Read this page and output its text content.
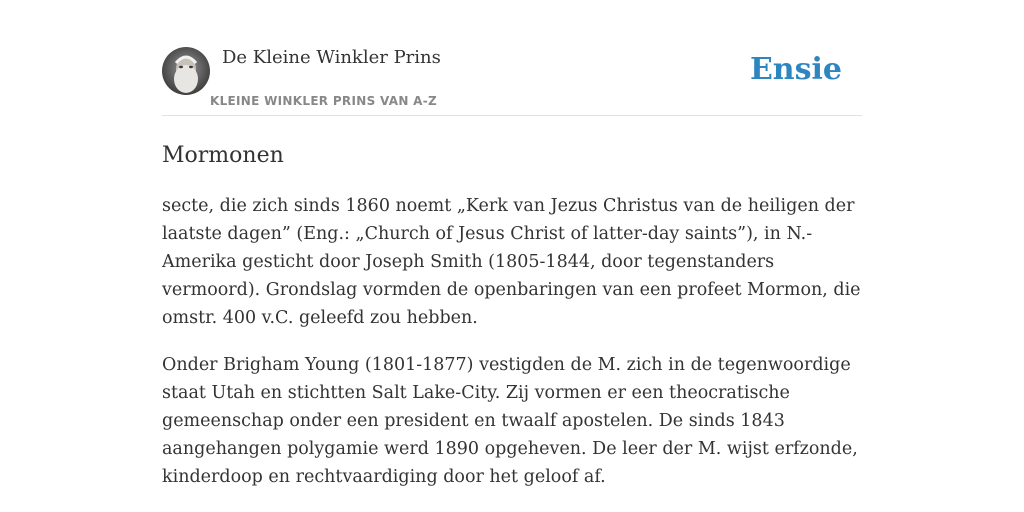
De Kleine Winkler Prins
KLEINE WINKLER PRINS VAN A-Z
Ensie
Mormonen

secte, die zich sinds 1860 noemt „Kerk van Jezus Christus van de heiligen der laatste dagen” (Eng.: „Church of Jesus Christ of latter-day saints”), in N.-Amerika gesticht door Joseph Smith (1805-1844, door tegenstanders vermoord). Grondslag vormden de openbaringen van een profeet Mormon, die omstr. 400 v.C. geleefd zou hebben.

Onder Brigham Young (1801-1877) vestigden de M. zich in de tegenwoordige staat Utah en stichtten Salt Lake-City. Zij vormen er een theocratische gemeenschap onder een president en twaalf apostelen. De sinds 1843 aangehangen polygamie werd 1890 opgeheven. De leer der M. wijst erfzonde, kinderdoop en rechtvaardiging door het geloof af.
